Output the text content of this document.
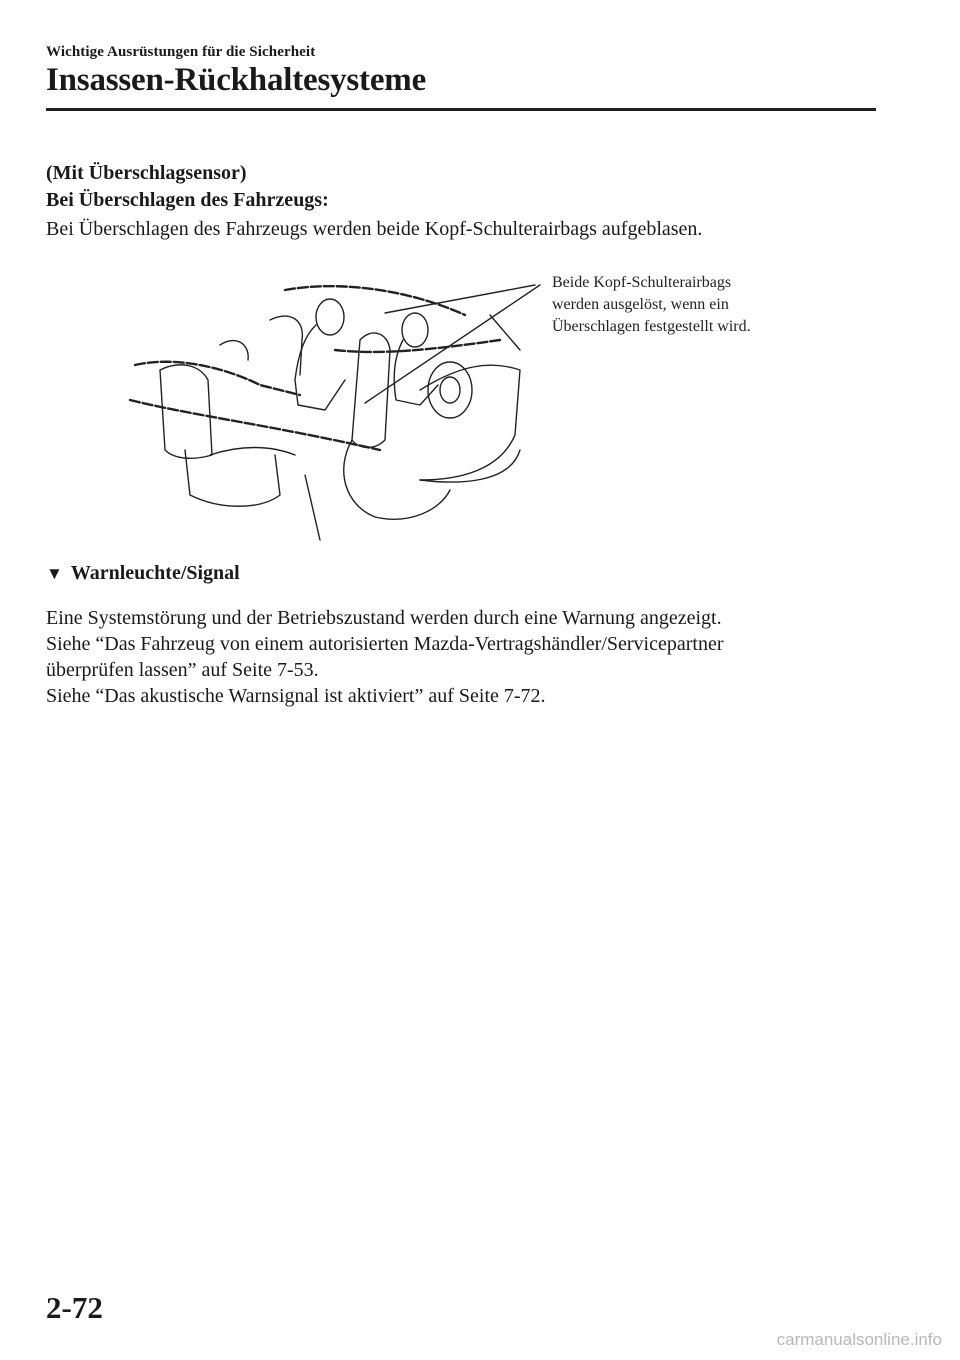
Wichtige Ausrüstungen für die Sicherheit
Insassen-Rückhaltesysteme
(Mit Überschlagsensor)
Bei Überschlagen des Fahrzeugs:
Bei Überschlagen des Fahrzeugs werden beide Kopf-Schulterairbags aufgeblasen.
Beide Kopf-Schulterairbags
werden ausgelöst, wenn ein
Überschlagen festgestellt wird.
▼ Warnleuchte/Signal
Eine Systemstörung und der Betriebszustand werden durch eine Warnung angezeigt.
Siehe “Das Fahrzeug von einem autorisierten Mazda-Vertragshändler/Servicepartner
überprüfen lassen” auf Seite 7-53.
Siehe “Das akustische Warnsignal ist aktiviert” auf Seite 7-72.
2-72
carmanualsonline.info
